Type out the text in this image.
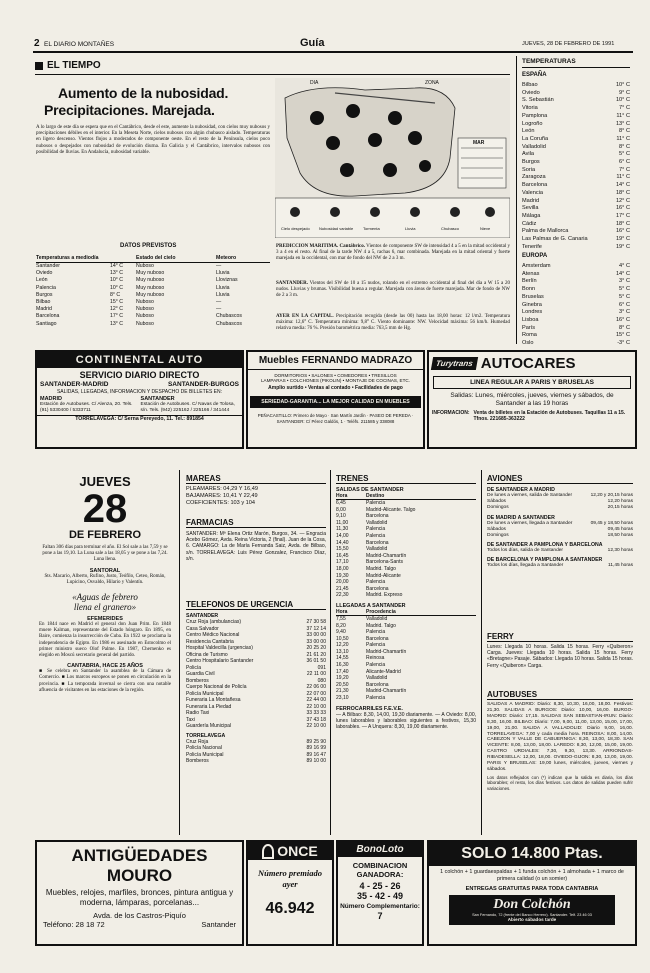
2 EL DIARIO MONTAÑES	Guía	JUEVES, 28 DE FEBRERO DE 1991
EL TIEMPO
Aumento de la nubosidad.
Precipitaciones. Marejada.
A lo largo de este día se espera que en el Cantábrico, desde el este, aumente la nubosidad, con cielos muy nubosos y precipitaciones débiles en el interior. En la Meseta Norte, cielos nubosos con algún chubasco aislado. Temperaturas en ligero descenso. Vientos flojos a moderados de componente oeste. En el resto de la Península, cielos poco nubosos o despejados con nubosidad de evolución diurna. En Galicia y el Cantábrico, intervalos nubosos con posibilidad de lluvias. En Andalucía, nubosidad variable.
DIA	ZONA
MAR
Cielo despejado	Nubosidad variable	Tormenta	Lluvia	Chubasco	Nieve
DATOS PREVISTOS
Temperaturas a mediodía	Estado del cielo	Meteoro
Santander	14° C	Nuboso	—
Oviedo	13° C	Muy nuboso	Lluvia
León	10° C	Muy nuboso	Lloviznas
Palencia	10° C	Muy nuboso	Lluvia
Burgos	8° C	Muy nuboso	Lluvia
Bilbao	15° C	Nuboso	—
Madrid	12° C	Nuboso	—
Barcelona	17° C	Nuboso	Chubascos
Santiago	13° C	Nuboso	Chubascos
PREDICCION MARITIMA. Cantábrico. Vientos de componente SW de intensidad 4 a 5 en la mitad occidental y 3 a 4 en el resto. Al final de la tarde NW 4 a 5, rachas 6, mar combinada. Marejada en la mitad oriental y fuerte marejada en la occidental, con mar de fondo del NW de 2 a 3 m.
SANTANDER. Vientos del SW de 10 a 15 nudos, rolando en el extremo occidental al final del día a W 15 a 20 nudos. Lluvias y brumas. Visibilidad buena a regular. Marejada con áreas de fuerte marejada. Mar de fondo de NW de 2 a 3 m.
AYER EN LA CAPITAL. Precipitación recogida (desde las 00) hasta las 18,00 horas: 12 l/m2. Temperatura máxima: 12,6° C. Temperatura mínima: 9,8° C. Viento dominante: NW. Velocidad máxima: 56 km/h. Humedad relativa media: 76 %. Presión barométrica media: 763,5 mm de Hg.
TEMPERATURAS
ESPAÑA
Bilbao	10° C
Oviedo	9° C
S. Sebastián	10° C
Vitoria	7° C
Pamplona	11° C
Logroño	13° C
León	8° C
La Coruña	11° C
Valladolid	8° C
Avila	5° C
Burgos	6° C
Soria	7° C
Zaragoza	11° C
Barcelona	14° C
Valencia	18° C
Madrid	12° C
Sevilla	16° C
Málaga	17° C
Cádiz	18° C
Palma de Mallorca	16° C
Las Palmas de G. Canaria	19° C
Tenerife	19° C
EUROPA
Amsterdam	4° C
Atenas	14° C
Berlín	3° C
Bonn	5° C
Bruselas	5° C
Ginebra	6° C
Londres	3° C
Lisboa	16° C
París	8° C
Roma	15° C
Oslo	-3° C
CONTINENTAL AUTO
SERVICIO DIARIO DIRECTO
SANTANDER-MADRID	SANTANDER-BURGOS
SALIDAS, LLEGADAS, INFORMACION Y DESPACHO DE BILLETES EN:
MADRID
Estación de Autobuses. C/ Alenza, 20. Tels. (91) 5330400 / 5333711
SANTANDER
Estación de Autobuses. C/ Navas de Tolosa, s/n. Tels. (942) 225162 / 225166 / 341444
TORRELAVEGA: C/ Serna Pereyedo, 11. Tel.: 891854
Muebles FERNANDO MADRAZO
DORMITORIOS • SALONES • COMEDORES • TRESILLOS
LAMPARAS • COLCHONES (PIKOLIN) • MONTAJE DE COCINAS, ETC.
Amplio surtido • Ventas al contado • Facilidades de pago
SERIEDAD-GARANTIA... LA MEJOR CALIDAD EN MUEBLES
PEÑACASTILLO: Primero de Mayo · San Martín Jardín · PASEO DE PEREDA · SANTANDER: C/ Pérez Galdós, 1 · Teléfs. 211585 y 338088
Turytrans AUTOCARES
LINEA REGULAR A PARIS Y BRUSELAS
Salidas: Lunes, miércoles, jueves, viernes y sábados, de Santander a las 19 horas
INFORMACION: Venta de billetes en la Estación de Autobuses. Taquillas 11 a 15. Tfnos. 221685-363222
JUEVES
28
DE FEBRERO
Faltan 306 días para terminar el año. El Sol sale a las 7,59 y se pone a las 19,10. La Luna sale a las 18,05 y se pone a las 7,24. Luna llena.
SANTORAL
Sts. Macario, Alberto, Rufino, Justo, Teófilo, Ceteo, Román, Lupicino, Osvaldo, Hilario y Valentín.
«Aguas de febrero
llena el granero»
EFEMERIDES
En 1844 nace en Madrid el general don Juan Prim. En 1848 muere Kalman, representante del Estado húngaro. En 1895, en Baire, comienza la insurrección de Cuba. En 1922 se proclama la independencia de Egipto. En 1986 es asesinado en Estocolmo el primer ministro sueco Olof Palme. En 1987, Chernenko es elegido en Moscú secretario general del partido.
CANTABRIA, HACE 25 AÑOS
■ Se celebra en Santander la asamblea de la Cámara de Comercio. ■ Los marcos europeos se ponen en circulación en la provincia. ■ La temporada invernal se cierra con una notable afluencia de visitantes en las estaciones de la región.
MAREAS
PLEAMARES: 04,29 Y 16,49
BAJAMARES: 10,41 Y 22,49
COEFICIENTES: 103 y 104
FARMACIAS
SANTANDER: Mª Elena Ortiz Marón, Burgos, 34. — Engracia Acebo Gómez, Avda. Reina Victoria, 2 (final). Juan de la Cosa, 6. CAMARGO: La de María Fernanda Saiz, Avda. de Bilbao, s/n. TORRELAVEGA: Luis Pérez Gonzalez, Francisco Díaz, s/n.
TELEFONOS DE URGENCIA
SANTANDER
Cruz Roja (ambulancias)	27 30 58
Casa Salvador	37 12 14
Centro Médico Nacional	33 00 00
Residencia Cantabria	33 00 00
Hospital Valdecilla (urgencias)	20 25 20
Oficina de Turismo	21 61 20
Centro Hospitalario Santander	36 01 50
Policía	091
Guardia Civil	22 11 00
Bomberos	080
Cuerpo Nacional de Policía	22 06 00
Policía Municipal	22 07 00
Funeraria La Montañesa	22 44 00
Funeraria La Piedad	22 10 00
Radio Taxi	33 33 33
Taxi	37 43 18
Guardería Municipal	22 10 00
TORRELAVEGA
Cruz Roja	89 25 90
Policía Nacional	89 16 99
Policía Municipal	89 16 47
Bomberos	89 10 00
TRENES
SALIDAS DE SANTANDER
Hora	Destino
6,45	Palencia
8,00	Madrid-Alicante. Talgo
9,10	Barcelona
11,00	Valladolid
11,30	Palencia
14,00	Palencia
14,40	Barcelona
15,50	Valladolid
16,45	Madrid-Chamartín
17,10	Barcelona-Sants
18,00	Madrid. Talgo
19,30	Madrid-Alicante
20,00	Palencia
21,45	Barcelona
22,30	Madrid. Expreso
LLEGADAS A SANTANDER
Hora	Procedencia
7,55	Valladolid
8,20	Madrid. Talgo
9,40	Palencia
10,50	Barcelona
12,20	Palencia
13,10	Madrid-Chamartín
14,55	Reinosa
16,30	Palencia
17,40	Alicante-Madrid
19,20	Valladolid
20,50	Barcelona
21,30	Madrid-Chamartín
23,10	Palencia
FERROCARRILES F.E.V.E.
— A Bilbao: 8,30, 14,00, 19,30 diariamente. — A Oviedo: 8,00, lunes laborables y laborables siguientes a festivos, 15,30 laborables. — A Unquera: 8,30, 19,00 diariamente.
AVIONES
DE SANTANDER A MADRID
De lunes a viernes, salida de Santander	12,20 y 20,15 horas
Sábados	12,20 horas
Domingos	20,15 horas
DE MADRID A SANTANDER
De lunes a viernes, llegada a Santander	09,45 y 18,50 horas
Sábados	09,45 horas
Domingos	18,50 horas
DE SANTANDER A PAMPLONA Y BARCELONA
Todos los días, salida de Santander	12,30 horas
DE BARCELONA Y PAMPLONA A SANTANDER
Todos los días, llegada a Santander	11,45 horas
FERRY
Lunes: Llegada 10 horas. Salida 15 horas. Ferry «Quiberon» Carga. Jueves: Llegada 10 horas. Salida 15 horas. Ferry «Bretagne» Pasaje. Sábados: Llegada 10 horas. Salida 15 horas. Ferry «Quiberon» Carga.
AUTOBUSES
SALIDAS A MADRID: Diario: 8,30, 10,30, 16,00, 18,00. Festivos: 21,30. SALIDAS A BURGOS: Diario: 10,00, 16,00. BURGO-MADRID: Diario: 17,15. SALIDAS SAN SEBASTIAN-IRUN: Diario: 8,30, 16,00. BILBAO: Diario: 7,00, 9,00, 11,00, 13,00, 15,00, 17,00, 19,00, 21,00. SALIDA A VALLADOLID: Diario 9,00, 16,00. TORRELAVEGA: 7,00 y cada media hora. REINOSA: 8,00, 14,00. CABEZON Y VALLE DE CABUERNIGA: 8,30, 13,00, 18,30. SAN VICENTE: 8,00, 13,00, 18,00. LAREDO: 8,30, 12,00, 15,00, 19,00. CASTRO URDIALES: 7,30, 9,30, 13,30. ARRIONDAS-RIBADESELLA: 12,00, 18,00. OVIEDO-GIJON: 8,30, 13,00, 19,00. PARIS Y BRUSELAS: 19,00 lunes, miércoles, jueves, viernes y sábados.
Los datos reflejados con (*) indican que la salida es diaria, los días laborables; el resto, los días festivos. Los datos de salidas pueden sufrir variaciones.
ANTIGÜEDADES MOURO
Muebles, relojes, marfiles, bronces, pintura antigua y moderna, lámparas, porcelanas...
Avda. de los Castros-Piquío
Teléfono: 28 18 72	Santander
ONCE
Número premiado ayer
46.942
BonoLoto
COMBINACION GANADORA:
4 - 25 - 26
35 - 42 - 49
Número Complementario:
7
SOLO 14.800 Ptas.
1 colchón + 1 guardaespaldas + 1 funda colchón + 1 almohada + 1 marco de primera calidad (o un somier)
ENTREGAS GRATUITAS PARA TODA CANTABRIA
Don Colchón
San Fernando, 72 (frente del Banco Herrero). Santander. Telf. 23 46 03
Abierto sábados tarde
